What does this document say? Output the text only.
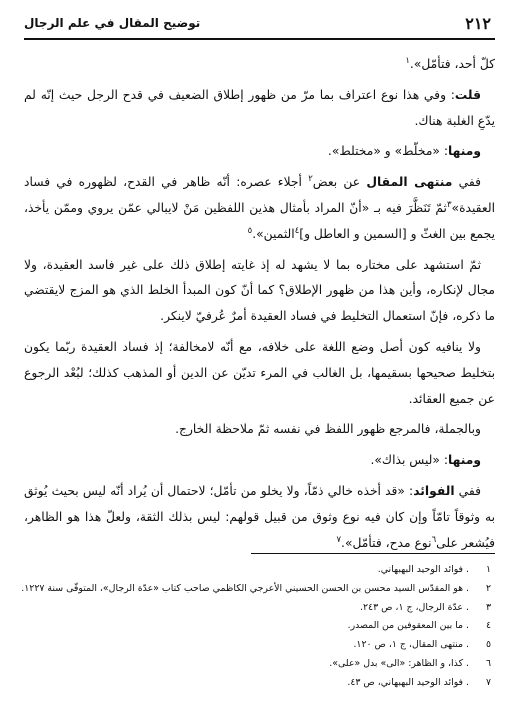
٢١٢
توضيح المقال في علم الرجال

كلّ أحد، فتأمّل».$^١$

قلت: وفي هذا نوع اعتراف بما مرّ من ظهور إطلاق الضعيف في قدح الرجل حيث إنّه لم يدّعِ الغلبة هناك.

ومنها: «مخلّط» و «مختلط».

ففي منتهى المقال عن بعض$^٢$ أجلاء عصره: أنّه ظاهر في القدح، لظهوره في فساد العقيدة»$^٣$ثمّ تَنَظَّرَ فيه بـ «أنّ المراد بأمثال هذين اللفظين مَنْ لايبالي عمّن يروي وممّن يأخذ، يجمع بين الغثّ و [السمين و العاطل و]$^٤$الثمين».$^٥$

ثمّ استشهد على مختاره بما لا يشهد له إذ غايته إطلاق ذلك على غير فاسد العقيدة، ولا مجال لإنكاره، وأين هذا من ظهور الإطلاق؟ كما أنّ كون المبدأ الخلط الذي هو المزج لايقتضي ما ذكره، فإنّ استعمال التخليط في فساد العقيدة أمرٌ عُرفيّ لاينكر.

ولا ينافيه كون أصل وضع اللغة على خلافه، مع أنّه لامخالفة؛ إذ فساد العقيدة ربّما يكون بتخليط صحيحها بسقيمها، بل الغالب في المرء تديّن عن الدين أو المذهب كذلك؛ لبُعْد الرجوع عن جميع العقائد.

وبالجملة، فالمرجع ظهور اللفظ في نفسه ثمّ ملاحظة الخارج.

ومنها: «ليس بذاك».

ففي الفوائد: «قد أخذه خالي ذمّاً، ولا يخلو من تأمّل؛ لاحتمال أن يُراد أنّه ليس بحيث يُوثق به وثوقاً تامّاً وإن كان فيه نوع وثوق من قبيل قولهم: ليس بذلك الثقة، ولعلّ هذا هو الظاهر، فيُشعر على$^٦$نوع مدح، فتأمّل».$^٧$

١
. فوائد الوحيد البهبهاني.
٢
. هو المقدّس السيد محسن بن الحسن الحسيني الأعرجي الكاظمي صاحب كتاب «عدّة الرجال»، المتوفّى سنة ١٢٢٧.
٣
. عدّة الرجال، ج ١، ص ٢٤٣.
٤
. ما بين المعقوفين من المصدر.
٥
. منتهى المقال، ج ١، ص ١٢٠.
٦
. كذا، و الظاهر: «الى» بدل «على».
٧
. فوائد الوحيد البهبهاني، ص ٤٣.
